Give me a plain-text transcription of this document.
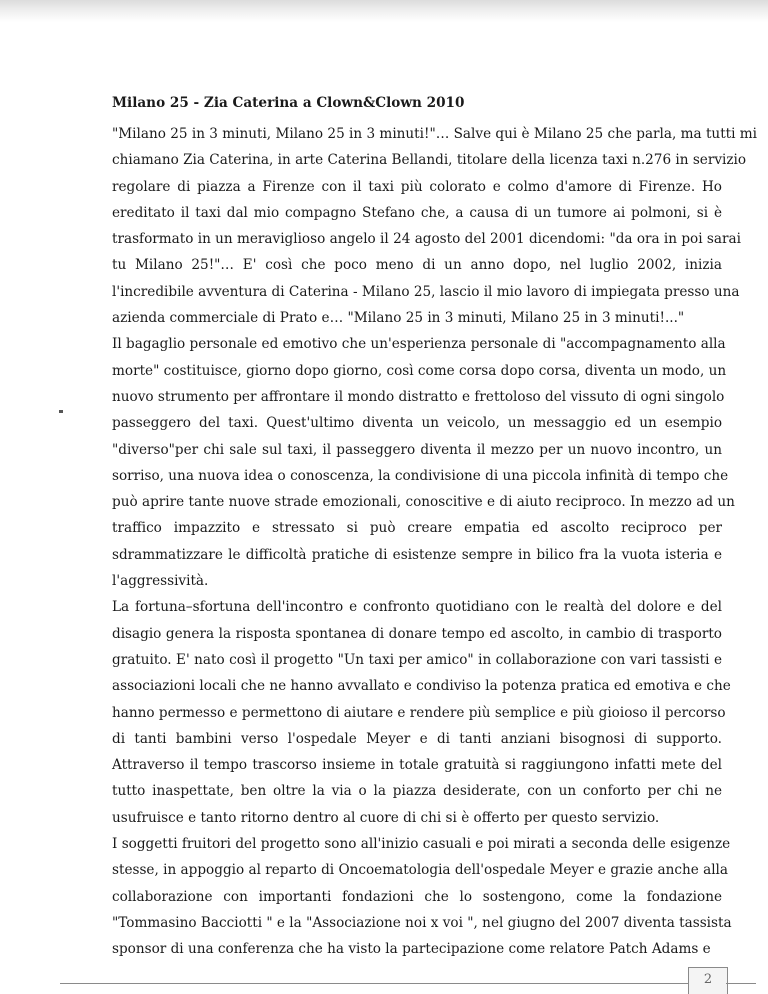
Milano 25 - Zia Caterina a Clown&Clown 2010

"Milano 25 in 3 minuti, Milano 25 in 3 minuti!"… Salve qui è Milano 25 che parla, ma tutti mi
chiamano Zia Caterina, in arte Caterina Bellandi, titolare della licenza taxi n.276 in servizio
regolare di piazza a Firenze con il taxi più colorato e colmo d'amore di Firenze. Ho
ereditato il taxi dal mio compagno Stefano che, a causa di un tumore ai polmoni, si è
trasformato in un meraviglioso angelo il 24 agosto del 2001 dicendomi: "da ora in poi sarai
tu Milano 25!"… E' così che poco meno di un anno dopo, nel luglio 2002, inizia
l'incredibile avventura di Caterina - Milano 25, lascio il mio lavoro di impiegata presso una
azienda commerciale di Prato e… "Milano 25 in 3 minuti, Milano 25 in 3 minuti!..."

Il bagaglio personale ed emotivo che un'esperienza personale di "accompagnamento alla
morte" costituisce, giorno dopo giorno, così come corsa dopo corsa, diventa un modo, un
nuovo strumento per affrontare il mondo distratto e frettoloso del vissuto di ogni singolo
passeggero del taxi. Quest'ultimo diventa un veicolo, un messaggio ed un esempio
"diverso"per chi sale sul taxi, il passeggero diventa il mezzo per un nuovo incontro, un
sorriso, una nuova idea o conoscenza, la condivisione di una piccola infinità di tempo che
può aprire tante nuove strade emozionali, conoscitive e di aiuto reciproco. In mezzo ad un
traffico impazzito e stressato si può creare empatia ed ascolto reciproco per
sdrammatizzare le difficoltà pratiche di esistenze sempre in bilico fra la vuota isteria e
l'aggressività.

La fortuna–sfortuna dell'incontro e confronto quotidiano con le realtà del dolore e del
disagio genera la risposta spontanea di donare tempo ed ascolto, in cambio di trasporto
gratuito. E' nato così il progetto "Un taxi per amico" in collaborazione con vari tassisti e
associazioni locali che ne hanno avvallato e condiviso la potenza pratica ed emotiva e che
hanno permesso e permettono di aiutare e rendere più semplice e più gioioso il percorso
di tanti bambini verso l'ospedale Meyer e di tanti anziani bisognosi di supporto.
Attraverso il tempo trascorso insieme in totale gratuità si raggiungono infatti mete del
tutto inaspettate, ben oltre la via o la piazza desiderate, con un conforto per chi ne
usufruisce e tanto ritorno dentro al cuore di chi si è offerto per questo servizio.

I soggetti fruitori del progetto sono all'inizio casuali e poi mirati a seconda delle esigenze
stesse, in appoggio al reparto di Oncoematologia dell'ospedale Meyer e grazie anche alla
collaborazione con importanti fondazioni che lo sostengono, come la fondazione
"Tommasino Bacciotti " e la "Associazione noi x voi ", nel giugno del 2007 diventa tassista
sponsor di una conferenza che ha visto la partecipazione come relatore Patch Adams e

2
